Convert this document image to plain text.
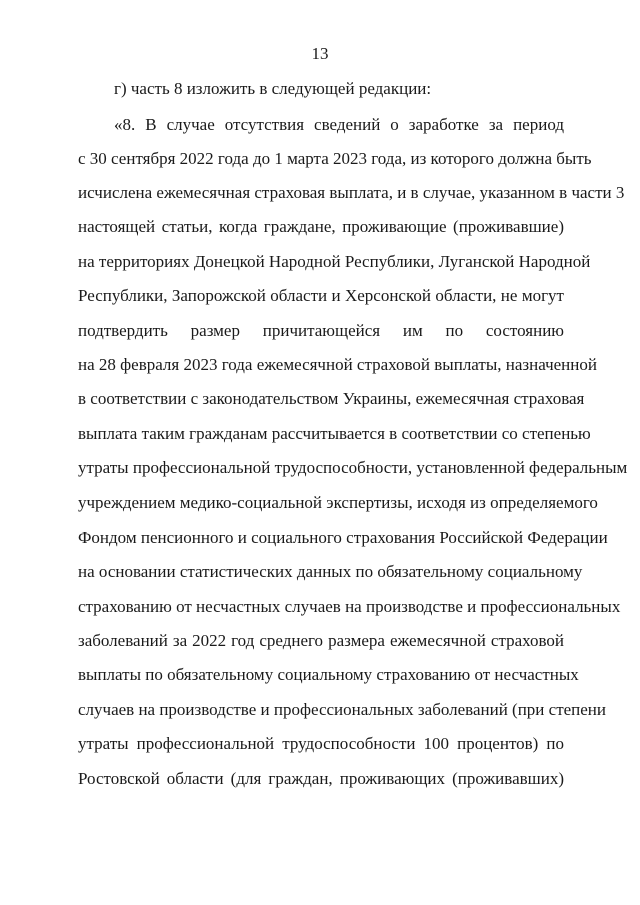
13
г) часть 8 изложить в следующей редакции:
«8. В случае отсутствия сведений о заработке за период
с 30 сентября 2022 года до 1 марта 2023 года, из которого должна быть
исчислена ежемесячная страховая выплата, и в случае, указанном в части 3
настоящей статьи, когда граждане, проживающие (проживавшие)
на территориях Донецкой Народной Республики, Луганской Народной
Республики, Запорожской области и Херсонской области, не могут
подтвердить размер причитающейся им по состоянию
на 28 февраля 2023 года ежемесячной страховой выплаты, назначенной
в соответствии с законодательством Украины, ежемесячная страховая
выплата таким гражданам рассчитывается в соответствии со степенью
утраты профессиональной трудоспособности, установленной федеральным
учреждением медико-социальной экспертизы, исходя из определяемого
Фондом пенсионного и социального страхования Российской Федерации
на основании статистических данных по обязательному социальному
страхованию от несчастных случаев на производстве и профессиональных
заболеваний за 2022 год среднего размера ежемесячной страховой
выплаты по обязательному социальному страхованию от несчастных
случаев на производстве и профессиональных заболеваний (при степени
утраты профессиональной трудоспособности 100 процентов) по
Ростовской области (для граждан, проживающих (проживавших)
